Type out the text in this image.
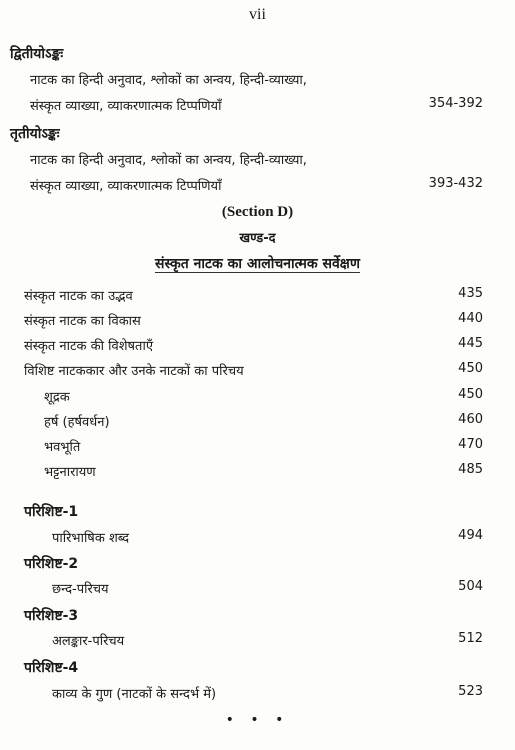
vii
द्वितीयोऽङ्कः
नाटक का हिन्दी अनुवाद, श्लोकों का अन्वय, हिन्दी-व्याख्या,
संस्कृत व्याख्या, व्याकरणात्मक टिप्पणियाँ	354-392
तृतीयोऽङ्कः
नाटक का हिन्दी अनुवाद, श्लोकों का अन्वय, हिन्दी-व्याख्या,
संस्कृत व्याख्या, व्याकरणात्मक टिप्पणियाँ	393-432
(Section D)
खण्ड-द
संस्कृत नाटक का आलोचनात्मक सर्वेक्षण
संस्कृत नाटक का उद्भव	435
संस्कृत नाटक का विकास	440
संस्कृत नाटक की विशेषताएँ	445
विशिष्ट नाटककार और उनके नाटकों का परिचय	450
शूद्रक	450
हर्ष (हर्षवर्धन)	460
भवभूति	470
भट्टनारायण	485
परिशिष्ट-1
पारिभाषिक शब्द	494
परिशिष्ट-2
छन्द-परिचय	504
परिशिष्ट-3
अलङ्कार-परिचय	512
परिशिष्ट-4
काव्य के गुण (नाटकों के सन्दर्भ में)	523
• • •
